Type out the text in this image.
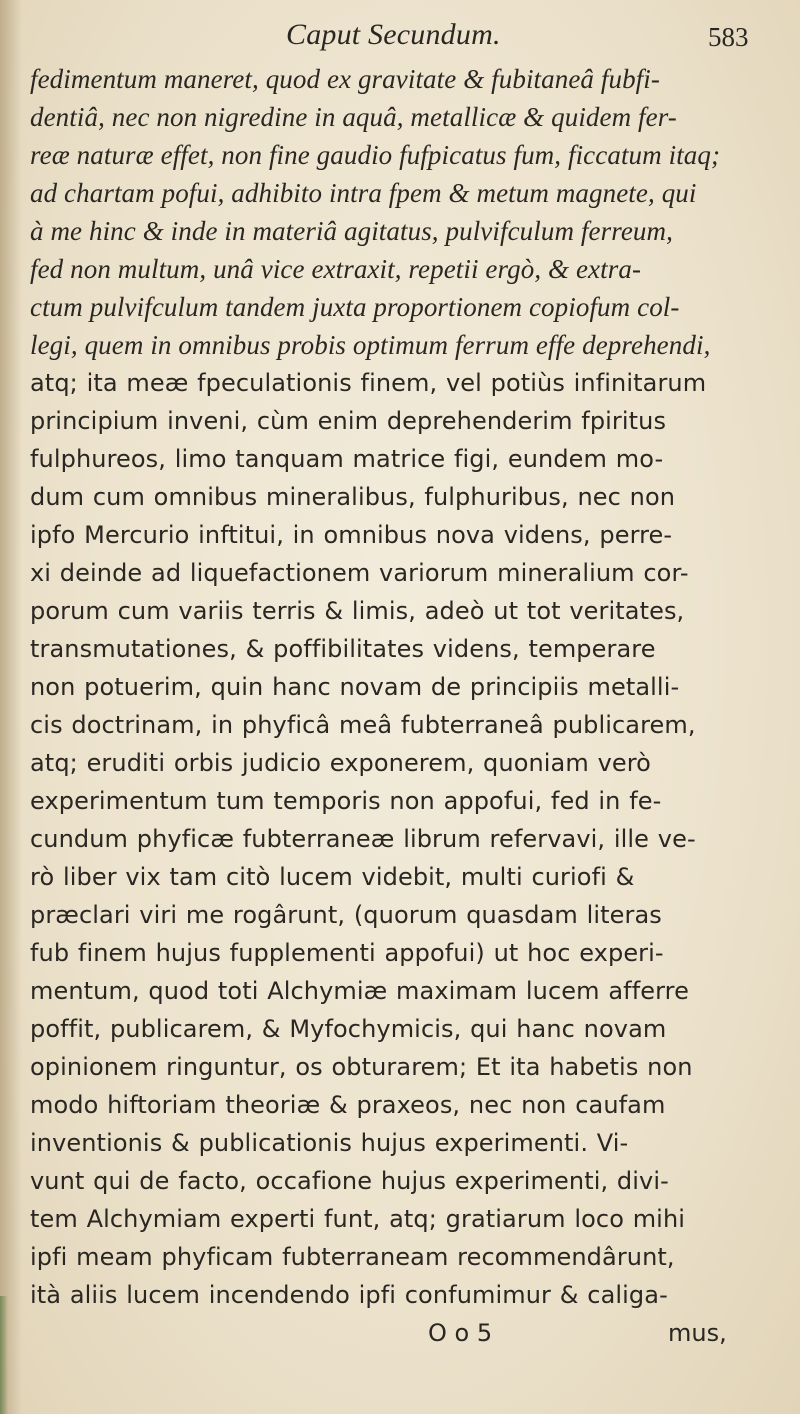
Caput Secundum.	583
fedimentum maneret, quod ex gravitate & fubitaneâ fubfi-
dentiâ, nec non nigredine in aquâ, metallicæ & quidem fer-
reæ naturæ effet, non fine gaudio fufpicatus fum, ficcatum itaq;
ad chartam pofui, adhibito intra fpem & metum magnete, qui
à me hinc & inde in materiâ agitatus, pulvifculum ferreum,
fed non multum, unâ vice extraxit, repetii ergò, & extra-
ctum pulvifculum tandem juxta proportionem copiofum col-
legi, quem in omnibus probis optimum ferrum effe deprehendi,
atq; ita meæ fpeculationis finem, vel potiùs infinitarum
principium inveni, cùm enim deprehenderim fpiritus
fulphureos, limo tanquam matrice figi, eundem mo-
dum cum omnibus mineralibus, fulphuribus, nec non
ipfo Mercurio inftitui, in omnibus nova videns, perre-
xi deinde ad liquefactionem variorum mineralium cor-
porum cum variis terris & limis, adeò ut tot veritates,
transmutationes, & poffibilitates videns, temperare
non potuerim, quin hanc novam de principiis metalli-
cis doctrinam, in phyficâ meâ fubterraneâ publicarem,
atq; eruditi orbis judicio exponerem, quoniam verò
experimentum tum temporis non appofui, fed in fe-
cundum phyficæ fubterraneæ librum refervavi, ille ve-
rò liber vix tam citò lucem videbit, multi curiofi &
præclari viri me rogârunt, (quorum quasdam literas
fub finem hujus fupplementi appofui) ut hoc experi-
mentum, quod toti Alchymiæ maximam lucem afferre
poffit, publicarem, & Myfochymicis, qui hanc novam
opinionem ringuntur, os obturarem; Et ita habetis non
modo hiftoriam theoriæ & praxeos, nec non caufam
inventionis & publicationis hujus experimenti. Vi-
vunt qui de facto, occafione hujus experimenti, divi-
tem Alchymiam experti funt, atq; gratiarum loco mihi
ipfi meam phyficam fubterraneam recommendârunt,
ità aliis lucem incendendo ipfi confumimur & caliga-
O o 5	mus,
